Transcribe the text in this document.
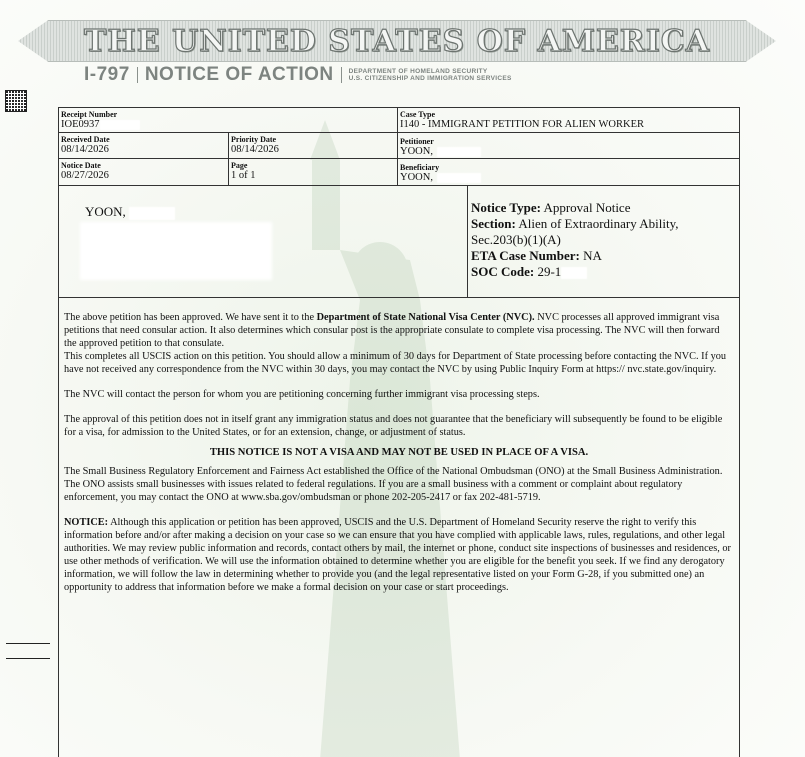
THE UNITED STATES OF AMERICA
I-797 NOTICE OF ACTION DEPARTMENT OF HOMELAND SECURITY
U.S. CITIZENSHIP AND IMMIGRATION SERVICES
Receipt Number
IOE0937
Case Type
I140 - IMMIGRANT PETITION FOR ALIEN WORKER
Received Date
08/14/2026
Priority Date
08/14/2026
Petitioner
YOON,
Notice Date
08/27/2026
Page
1 of 1
Beneficiary
YOON,
YOON,	Notice Type: Approval Notice
Section: Alien of Extraordinary Ability, Sec.203(b)(1)(A)
ETA Case Number: NA
SOC Code: 29-1

The above petition has been approved. We have sent it to the Department of State National Visa Center (NVC). NVC processes all approved immigrant visa petitions that need consular action. It also determines which consular post is the appropriate consulate to complete visa processing. The NVC will then forward the approved petition to that consulate.

This completes all USCIS action on this petition. You should allow a minimum of 30 days for Department of State processing before contacting the NVC. If you have not received any correspondence from the NVC within 30 days, you may contact the NVC by using Public Inquiry Form at https:// nvc.state.gov/inquiry.

The NVC will contact the person for whom you are petitioning concerning further immigrant visa processing steps.

The approval of this petition does not in itself grant any immigration status and does not guarantee that the beneficiary will subsequently be found to be eligible for a visa, for admission to the United States, or for an extension, change, or adjustment of status.

THIS NOTICE IS NOT A VISA AND MAY NOT BE USED IN PLACE OF A VISA.

The Small Business Regulatory Enforcement and Fairness Act established the Office of the National Ombudsman (ONO) at the Small Business Administration. The ONO assists small businesses with issues related to federal regulations. If you are a small business with a comment or complaint about regulatory enforcement, you may contact the ONO at www.sba.gov/ombudsman or phone 202-205-2417 or fax 202-481-5719.

NOTICE: Although this application or petition has been approved, USCIS and the U.S. Department of Homeland Security reserve the right to verify this information before and/or after making a decision on your case so we can ensure that you have complied with applicable laws, rules, regulations, and other legal authorities. We may review public information and records, contact others by mail, the internet or phone, conduct site inspections of businesses and residences, or use other methods of verification. We will use the information obtained to determine whether you are eligible for the benefit you seek. If we find any derogatory information, we will follow the law in determining whether to provide you (and the legal representative listed on your Form G-28, if you submitted one) an opportunity to address that information before we make a formal decision on your case or start proceedings.
